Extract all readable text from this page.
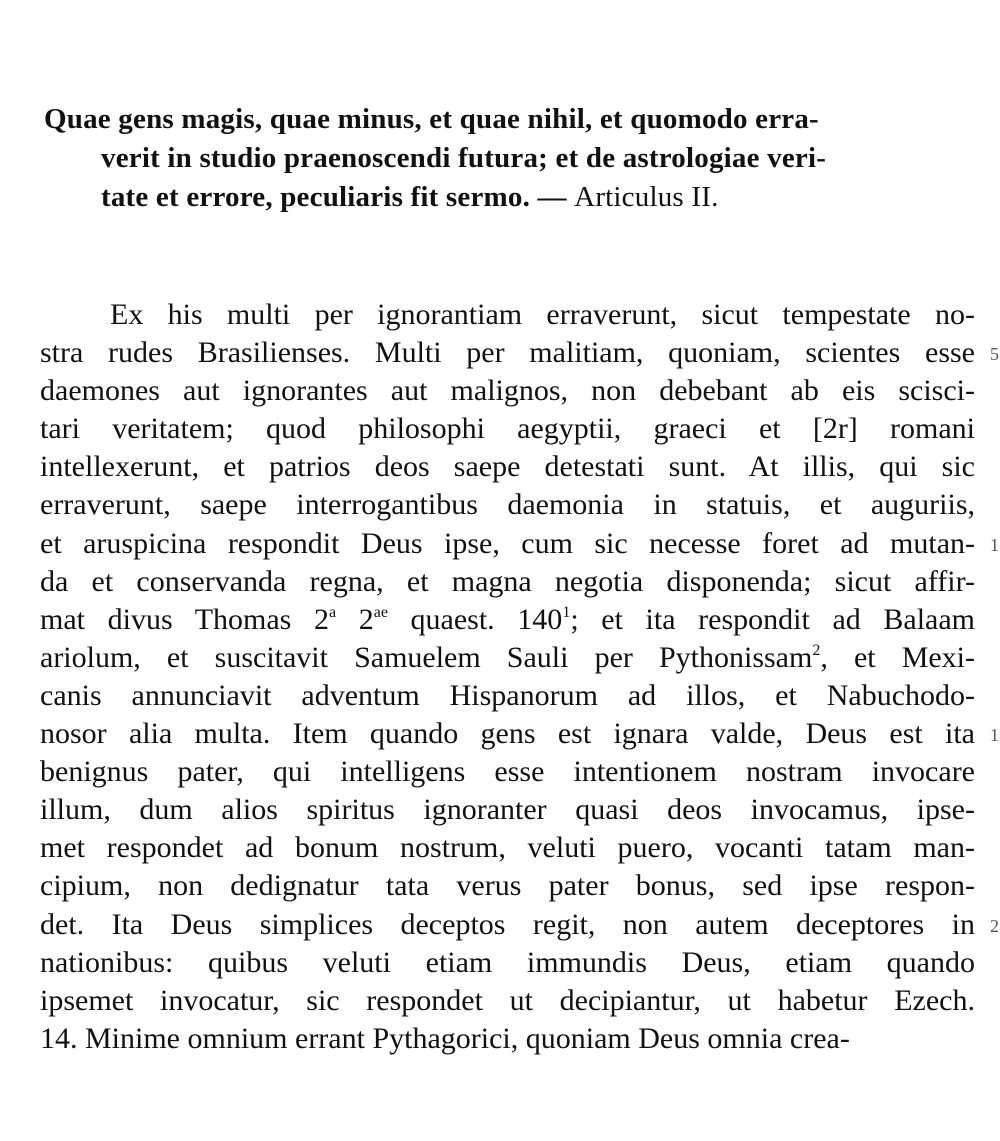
Quae gens magis, quae minus, et quae nihil, et quomodo erra-
verit in studio praenoscendi futura; et de astrologiae veri-
tate et errore, peculiaris fit sermo. — Articulus II.
Ex his multi per ignorantiam erraverunt, sicut tempestate no-
stra rudes Brasilienses. Multi per malitiam, quoniam, scientes esse
daemones aut ignorantes aut malignos, non debebant ab eis scisci-
tari veritatem; quod philosophi aegyptii, graeci et [2r] romani
intellexerunt, et patrios deos saepe detestati sunt. At illis, qui sic
erraverunt, saepe interrogantibus daemonia in statuis, et auguriis,
et aruspicina respondit Deus ipse, cum sic necesse foret ad mutan-
da et conservanda regna, et magna negotia disponenda; sicut affir-
mat divus Thomas 2$^a$ $2^{ae}$ quaest. $140^1$; et ita respondit ad Balaam
ariolum, et suscitavit Samuelem Sauli per Pythonissam$^2$, et Mexi-
canis annunciavit adventum Hispanorum ad illos, et Nabuchodo-
nosor alia multa. Item quando gens est ignara valde, Deus est ita
benignus pater, qui intelligens esse intentionem nostram invocare
illum, dum alios spiritus ignoranter quasi deos invocamus, ipse-
met respondet ad bonum nostrum, veluti puero, vocanti tatam man-
cipium, non dedignatur tata verus pater bonus, sed ipse respon-
det. Ita Deus simplices deceptos regit, non autem deceptores in
nationibus: quibus veluti etiam immundis Deus, etiam quando
ipsemet invocatur, sic respondet ut decipiantur, ut habetur Ezech.
14. Minime omnium errant Pythagorici, quoniam Deus omnia crea-
5
1
1
2
